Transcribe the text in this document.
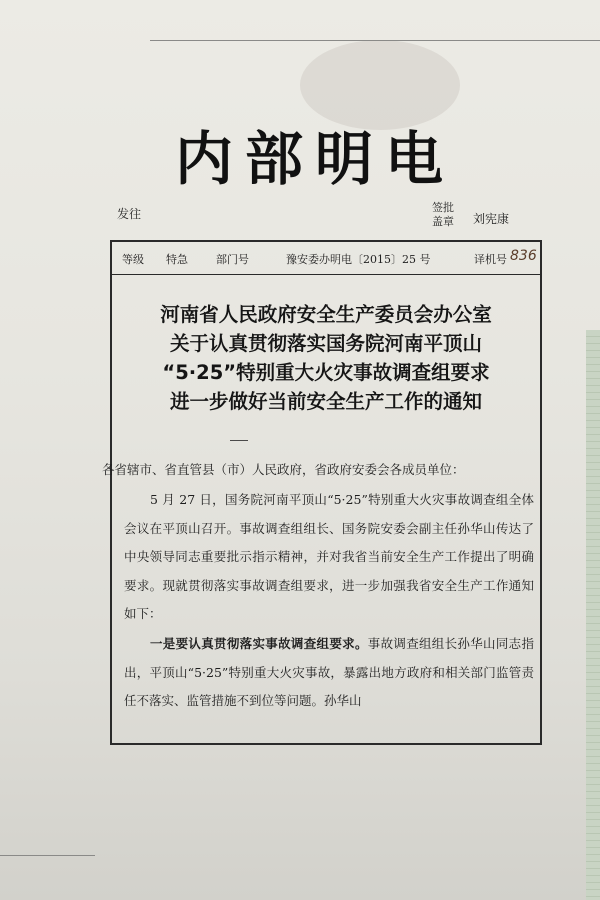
内部明电
发往	签批
盖章 刘宪康
等级 特急	部门号	豫安委办明电〔2015〕25 号	译机号 836
河南省人民政府安全生产委员会办公室
关于认真贯彻落实国务院河南平顶山
“5·25”特别重大火灾事故调查组要求
进一步做好当前安全生产工作的通知
各省辖市、省直管县（市）人民政府，省政府安委会各成员单位：
5 月 27 日，国务院河南平顶山“5·25”特别重大火灾事故调查组全体会议在平顶山召开。事故调查组组长、国务院安委会副主任孙华山传达了中央领导同志重要批示指示精神，并对我省当前安全生产工作提出了明确要求。现就贯彻落实事故调查组要求，进一步加强我省安全生产工作通知如下：
一是要认真贯彻落实事故调查组要求。事故调查组组长孙华山同志指出，平顶山“5·25”特别重大火灾事故，暴露出地方政府和相关部门监管责任不落实、监管措施不到位等问题。孙华山
